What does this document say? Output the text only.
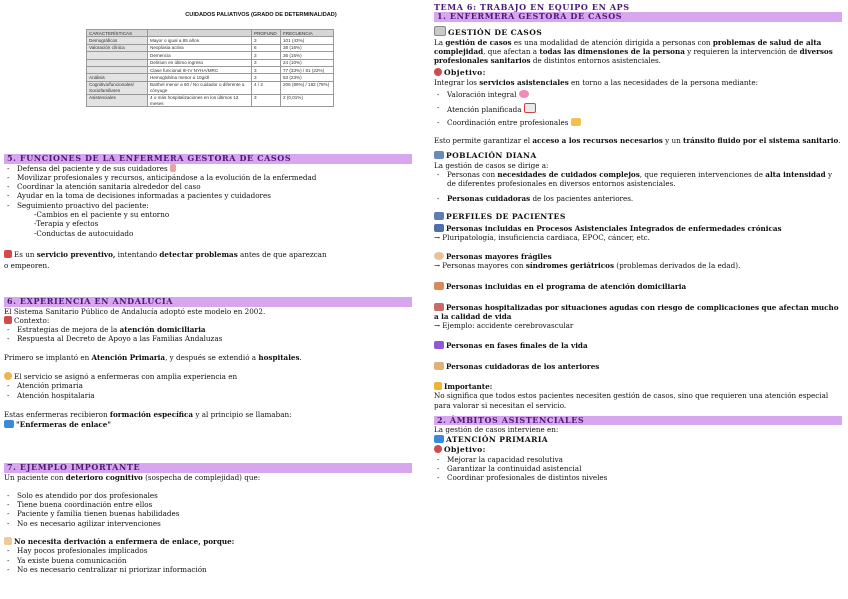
CUIDADOS PALIATIVOS (GRADO DE DETERMINALIDAD)
CARACTERÍSTICAS		PROFUND	FRECUENCIA
Demográficos	Mayor o igual a 85 años	3	101 (43%)
Valoración clínica	Neoplasia activa	6	38 (16%)
	Demencia	3	36 (15%)
	Delirium en último ingreso	3	24 (10%)
	Clase funcional III-IV NYHA/MRC	3	77 (33%) / 51 (22%)
Análisis	Hemoglobina menor a 10g/dl	3	53 (23%)
Cognitivo/funcionales/ Sociofamiliares	Barthel menor a 60 / No cuidador o diferente a cónyuge	4 / 2	206 (89%) / 182 (78%)
Asistenciales	4 o más hospitalizaciones en los últimos 12 meses	3	2 (0,01%)
5. FUNCIONES DE LA ENFERMERA GESTORA DE CASOS
- Defensa del paciente y de sus cuidadores
- Movilizar profesionales y recursos, anticipándose a la evolución de la enfermedad
- Coordinar la atención sanitaria alrededor del caso
- Ayudar en la toma de decisiones informadas a pacientes y cuidadores
- Seguimiento proactivo del paciente:
-Cambios en el paciente y su entorno
-Terapia y efectos
-Conductas de autocuidado

Es un servicio preventivo, intentando detectar problemas antes de que aparezcan

o empeoren.

6. EXPERIENCIA EN ANDALUCIA

El Sistema Sanitario Público de Andalucía adoptó este modelo en 2002.

Contexto:

- Estrategias de mejora de la atención domiciliaria
- Respuesta al Decreto de Apoyo a las Familias Andaluzas

Primero se implantó en Atención Primaria, y después se extendió a hospitales.

El servicio se asignó a enfermeras con amplia experiencia en

- Atención primaria
- Atención hospitalaria

Estas enfermeras recibieron formación específica y al principio se llamaban:

"Enfermeras de enlace"

7. EJEMPLO IMPORTANTE

Un paciente con deterioro cognitivo (sospecha de complejidad) que:

- Solo es atendido por dos profesionales
- Tiene buena coordinación entre ellos
- Paciente y familia tienen buenas habilidades
- No es necesario agilizar intervenciones

No necesita derivación a enfermera de enlace, porque:

- Hay pocos profesionales implicados
- Ya existe buena comunicación
- No es necesario centralizar ni priorizar información
TEMA 6: TRABAJO EN EQUIPO EN APS
1. ENFERMERA GESTORA DE CASOS
GESTIÓN DE CASOS

La gestión de casos es una modalidad de atención dirigida a personas con problemas de salud de alta complejidad, que afectan a todas las dimensiones de la persona y requieren la intervención de diversos profesionales sanitarios de distintos entornos asistenciales.

Objetivo:

Integrar los servicios asistenciales en torno a las necesidades de la persona mediante:

- Valoración integral
- Atención planificada
- Coordinación entre profesionales

Esto permite garantizar el acceso a los recursos necesarios y un tránsito fluido por el sistema sanitario.

POBLACIÓN DIANA

La gestión de casos se dirige a:

- Personas con necesidades de cuidados complejos, que requieren intervenciones de alta intensidad y de diferentes profesionales en diversos entornos asistenciales.
- Personas cuidadoras de los pacientes anteriores.
PERFILES DE PACIENTES

Personas incluidas en Procesos Asistenciales Integrados de enfermedades crónicas

→ Pluripatología, insuficiencia cardiaca, EPOC, cáncer, etc.

Personas mayores frágiles

→ Personas mayores con síndromes geriátricos (problemas derivados de la edad).

Personas incluidas en el programa de atención domiciliaria

Personas hospitalizadas por situaciones agudas con riesgo de complicaciones que afectan mucho a la calidad de vida

→ Ejemplo: accidente cerebrovascular

Personas en fases finales de la vida

Personas cuidadoras de los anteriores

Importante:

No significa que todos estos pacientes necesiten gestión de casos, sino que requieren una atención especial para valorar si necesitan el servicio.

2. ÁMBITOS ASISTENCIALES

La gestión de casos interviene en:

ATENCIÓN PRIMARIA
Objetivo:
- Mejorar la capacidad resolutiva
- Garantizar la continuidad asistencial
- Coordinar profesionales de distintos niveles
